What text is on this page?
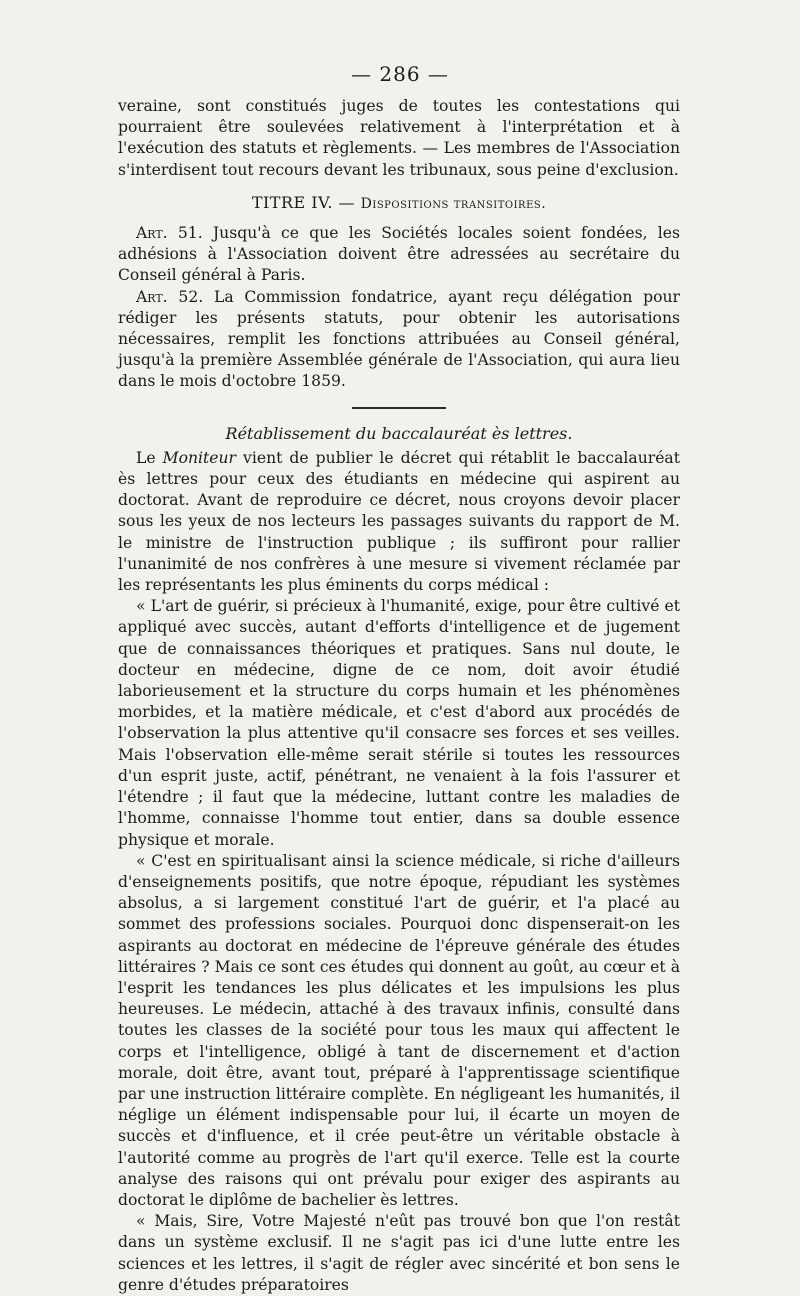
— 286 —

veraine, sont constitués juges de toutes les contestations qui pourraient être soulevées relativement à l'interprétation et à l'exécution des statuts et règlements. — Les membres de l'Association s'interdisent tout recours devant les tribunaux, sous peine d'exclusion.

TITRE IV. — Dispositions transitoires.

Art. 51. Jusqu'à ce que les Sociétés locales soient fondées, les adhésions à l'Association doivent être adressées au secrétaire du Conseil général à Paris.

Art. 52. La Commission fondatrice, ayant reçu délégation pour rédiger les présents statuts, pour obtenir les autorisations nécessaires, remplit les fonctions attribuées au Conseil général, jusqu'à la première Assemblée générale de l'Association, qui aura lieu dans le mois d'octobre 1859.

Rétablissement du baccalauréat ès lettres.

Le Moniteur vient de publier le décret qui rétablit le baccalauréat ès lettres pour ceux des étudiants en médecine qui aspirent au doctorat. Avant de reproduire ce décret, nous croyons devoir placer sous les yeux de nos lecteurs les passages suivants du rapport de M. le ministre de l'instruction publique ; ils suffiront pour rallier l'unanimité de nos confrères à une mesure si vivement réclamée par les représentants les plus éminents du corps médical :

« L'art de guérir, si précieux à l'humanité, exige, pour être cultivé et appliqué avec succès, autant d'efforts d'intelligence et de jugement que de connaissances théoriques et pratiques. Sans nul doute, le docteur en médecine, digne de ce nom, doit avoir étudié laborieusement et la structure du corps humain et les phénomènes morbides, et la matière médicale, et c'est d'abord aux procédés de l'observation la plus attentive qu'il consacre ses forces et ses veilles. Mais l'observation elle-même serait stérile si toutes les ressources d'un esprit juste, actif, pénétrant, ne venaient à la fois l'assurer et l'étendre ; il faut que la médecine, luttant contre les maladies de l'homme, connaisse l'homme tout entier, dans sa double essence physique et morale.

« C'est en spiritualisant ainsi la science médicale, si riche d'ailleurs d'enseignements positifs, que notre époque, répudiant les systèmes absolus, a si largement constitué l'art de guérir, et l'a placé au sommet des professions sociales. Pourquoi donc dispenserait-on les aspirants au doctorat en médecine de l'épreuve générale des études littéraires ? Mais ce sont ces études qui donnent au goût, au cœur et à l'esprit les tendances les plus délicates et les impulsions les plus heureuses. Le médecin, attaché à des travaux infinis, consulté dans toutes les classes de la société pour tous les maux qui affectent le corps et l'intelligence, obligé à tant de discernement et d'action morale, doit être, avant tout, préparé à l'apprentissage scientifique par une instruction littéraire complète. En négligeant les humanités, il néglige un élément indispensable pour lui, il écarte un moyen de succès et d'influence, et il crée peut-être un véritable obstacle à l'autorité comme au progrès de l'art qu'il exerce. Telle est la courte analyse des raisons qui ont prévalu pour exiger des aspirants au doctorat le diplôme de bachelier ès lettres.

« Mais, Sire, Votre Majesté n'eût pas trouvé bon que l'on restât dans un système exclusif. Il ne s'agit pas ici d'une lutte entre les sciences et les lettres, il s'agit de régler avec sincérité et bon sens le genre d'études préparatoires
